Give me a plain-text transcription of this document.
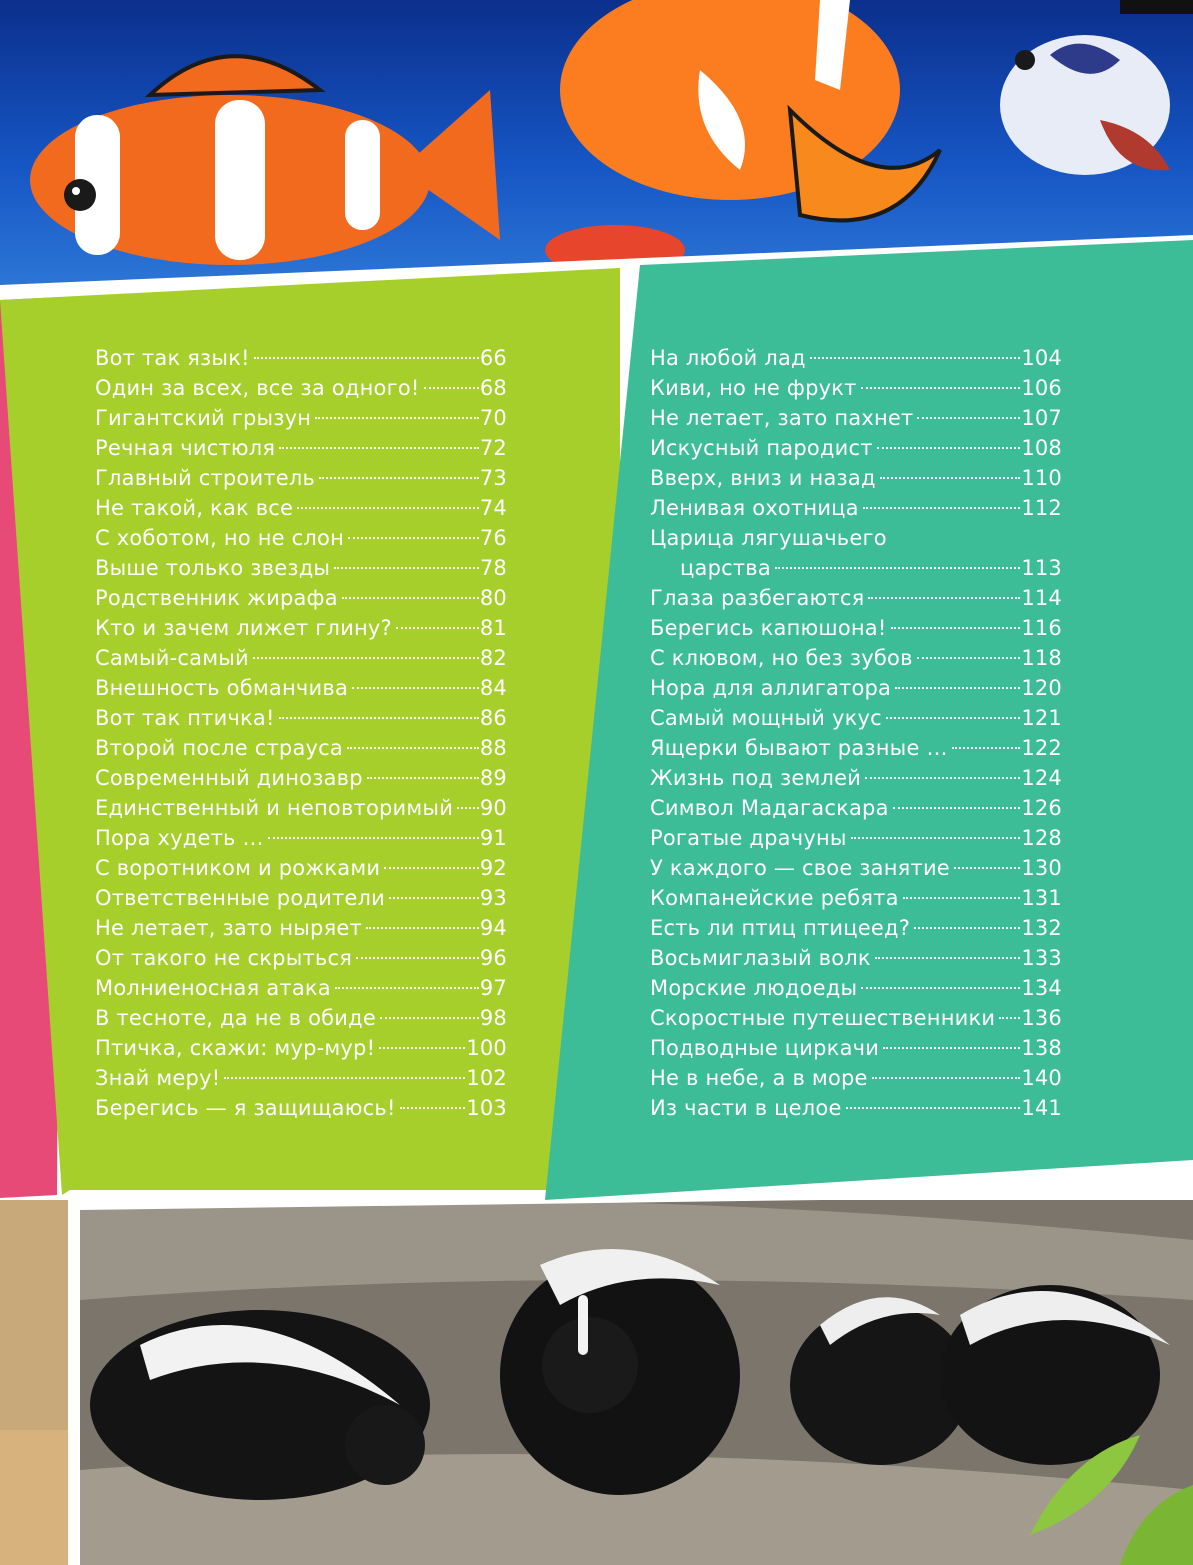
Вот так язык!	66
Один за всех, все за одного!	68
Гигантский грызун	70
Речная чистюля	72
Главный строитель	73
Не такой, как все	74
С хоботом, но не слон	76
Выше только звезды	78
Родственник жирафа	80
Кто и зачем лижет глину?	81
Самый-самый	82
Внешность обманчива	84
Вот так птичка!	86
Второй после страуса	88
Современный динозавр	89
Единственный и неповторимый 90
Пора худеть …	91
С воротником и рожками	92
Ответственные родители	93
Не летает, зато ныряет	94
От такого не скрыться	96
Молниеносная атака	97
В тесноте, да не в обиде	98
Птичка, скажи: мур-мур!	100
Знай меру!	102
Берегись — я защищаюсь!	103
На любой лад	104
Киви, но не фрукт	106
Не летает, зато пахнет	107
Искусный пародист	108
Вверх, вниз и назад	110
Ленивая охотница	112
Царица лягушачьего
царства	113
Глаза разбегаются	114
Берегись капюшона!	116
С клювом, но без зубов	118
Нора для аллигатора	120
Самый мощный укус	121
Ящерки бывают разные …	122
Жизнь под землей	124
Символ Мадагаскара	126
Рогатые драчуны	128
У каждого — свое занятие	130
Компанейские ребята	131
Есть ли птиц птицеед?	132
Восьмиглазый волк	133
Морские людоеды	134
Скоростные путешественники 136
Подводные циркачи	138
Не в небе, а в море	140
Из части в целое	141
